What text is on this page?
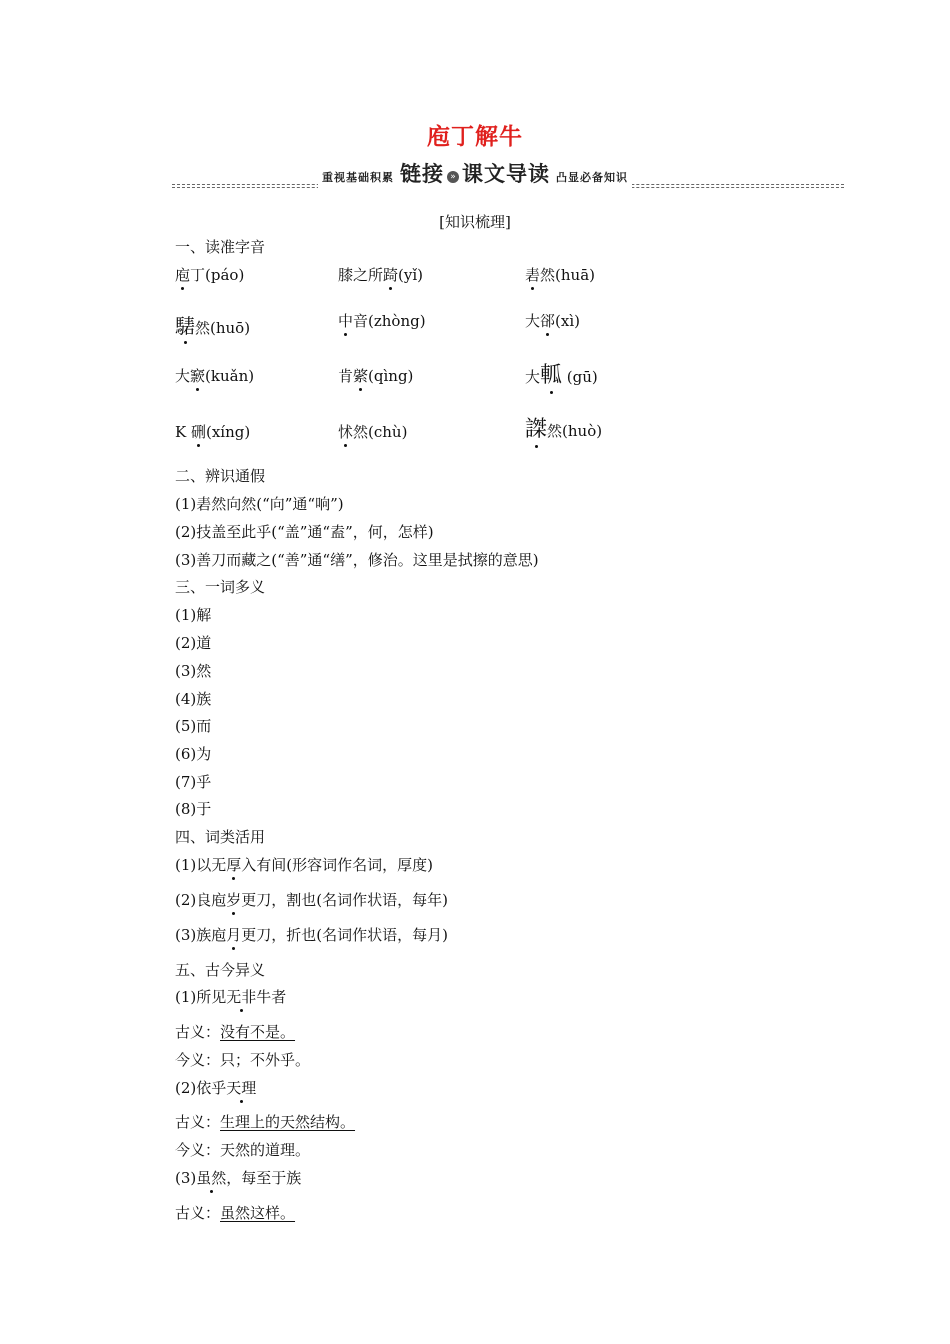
庖丁解牛
重视基础积累 链接 » 课文导读 凸显必备知识
[知识梳理]
一、读准字音
庖丁(páo)	膝之所踦(yǐ)	砉然(huā)
騞然(huō)	中音(zhòng)	大郤(xì)
大窾(kuǎn)	肯綮(qìng)	大軱 (gū)
K 硎(xíng)	怵然(chù)	謋然(huò)
二、辨识通假
(1)砉然向然(“向”通“响”)
(2)技盖至此乎(“盖”通“盍”，何，怎样)
(3)善刀而藏之(“善”通“缮”，修治。这里是拭擦的意思)
三、一词多义
(1)解
(2)道
(3)然
(4)族
(5)而
(6)为
(7)乎
(8)于
四、词类活用
(1)以无厚入有间(形容词作名词，厚度)
(2)良庖岁更刀，割也(名词作状语，每年)
(3)族庖月更刀，折也(名词作状语，每月)
五、古今异义
(1)所见无非牛者
古义：没有不是。
今义：只；不外乎。
(2)依乎天理
古义：生理上的天然结构。
今义：天然的道理。
(3)虽然，每至于族
古义：虽然这样。
